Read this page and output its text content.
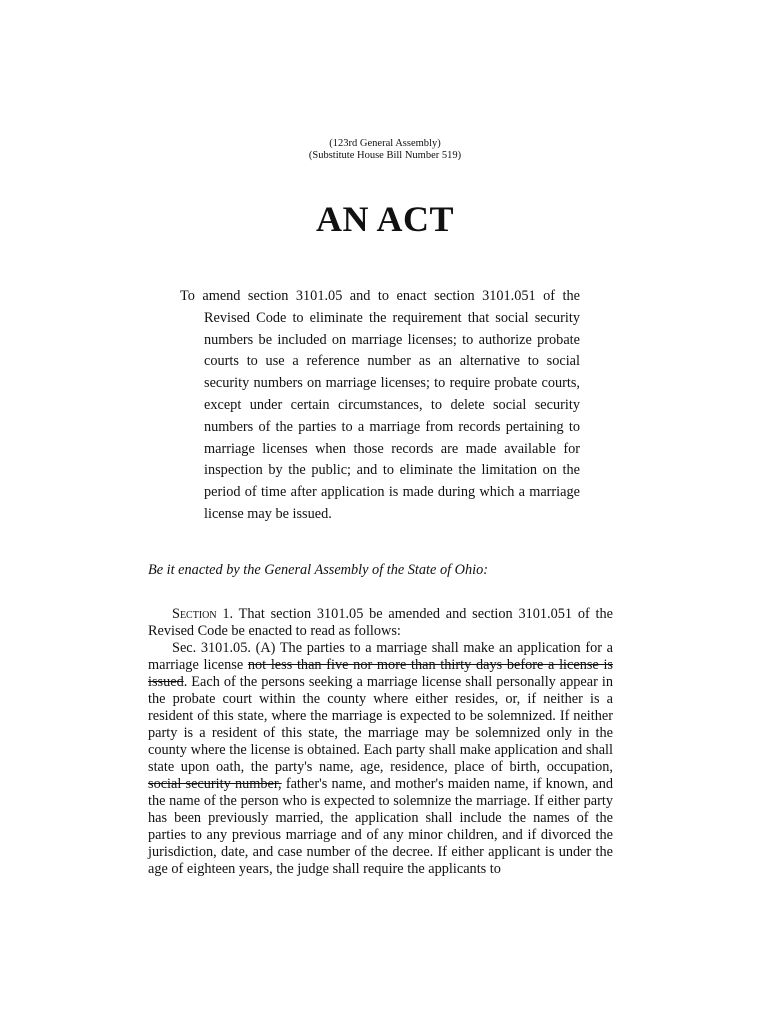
(123rd General Assembly)
(Substitute House Bill Number 519)
AN ACT
To amend section 3101.05 and to enact section 3101.051 of the Revised Code to eliminate the requirement that social security numbers be included on marriage licenses; to authorize probate courts to use a reference number as an alternative to social security numbers on marriage licenses; to require probate courts, except under certain circumstances, to delete social security numbers of the parties to a marriage from records pertaining to marriage licenses when those records are made available for inspection by the public; and to eliminate the limitation on the period of time after application is made during which a marriage license may be issued.
Be it enacted by the General Assembly of the State of Ohio:

Section 1. That section 3101.05 be amended and section 3101.051 of the Revised Code be enacted to read as follows:

Sec. 3101.05. (A) The parties to a marriage shall make an application for a marriage license not less than five nor more than thirty days before a license is issued. Each of the persons seeking a marriage license shall personally appear in the probate court within the county where either resides, or, if neither is a resident of this state, where the marriage is expected to be solemnized. If neither party is a resident of this state, the marriage may be solemnized only in the county where the license is obtained. Each party shall make application and shall state upon oath, the party's name, age, residence, place of birth, occupation, social security number, father's name, and mother's maiden name, if known, and the name of the person who is expected to solemnize the marriage. If either party has been previously married, the application shall include the names of the parties to any previous marriage and of any minor children, and if divorced the jurisdiction, date, and case number of the decree. If either applicant is under the age of eighteen years, the judge shall require the applicants to
